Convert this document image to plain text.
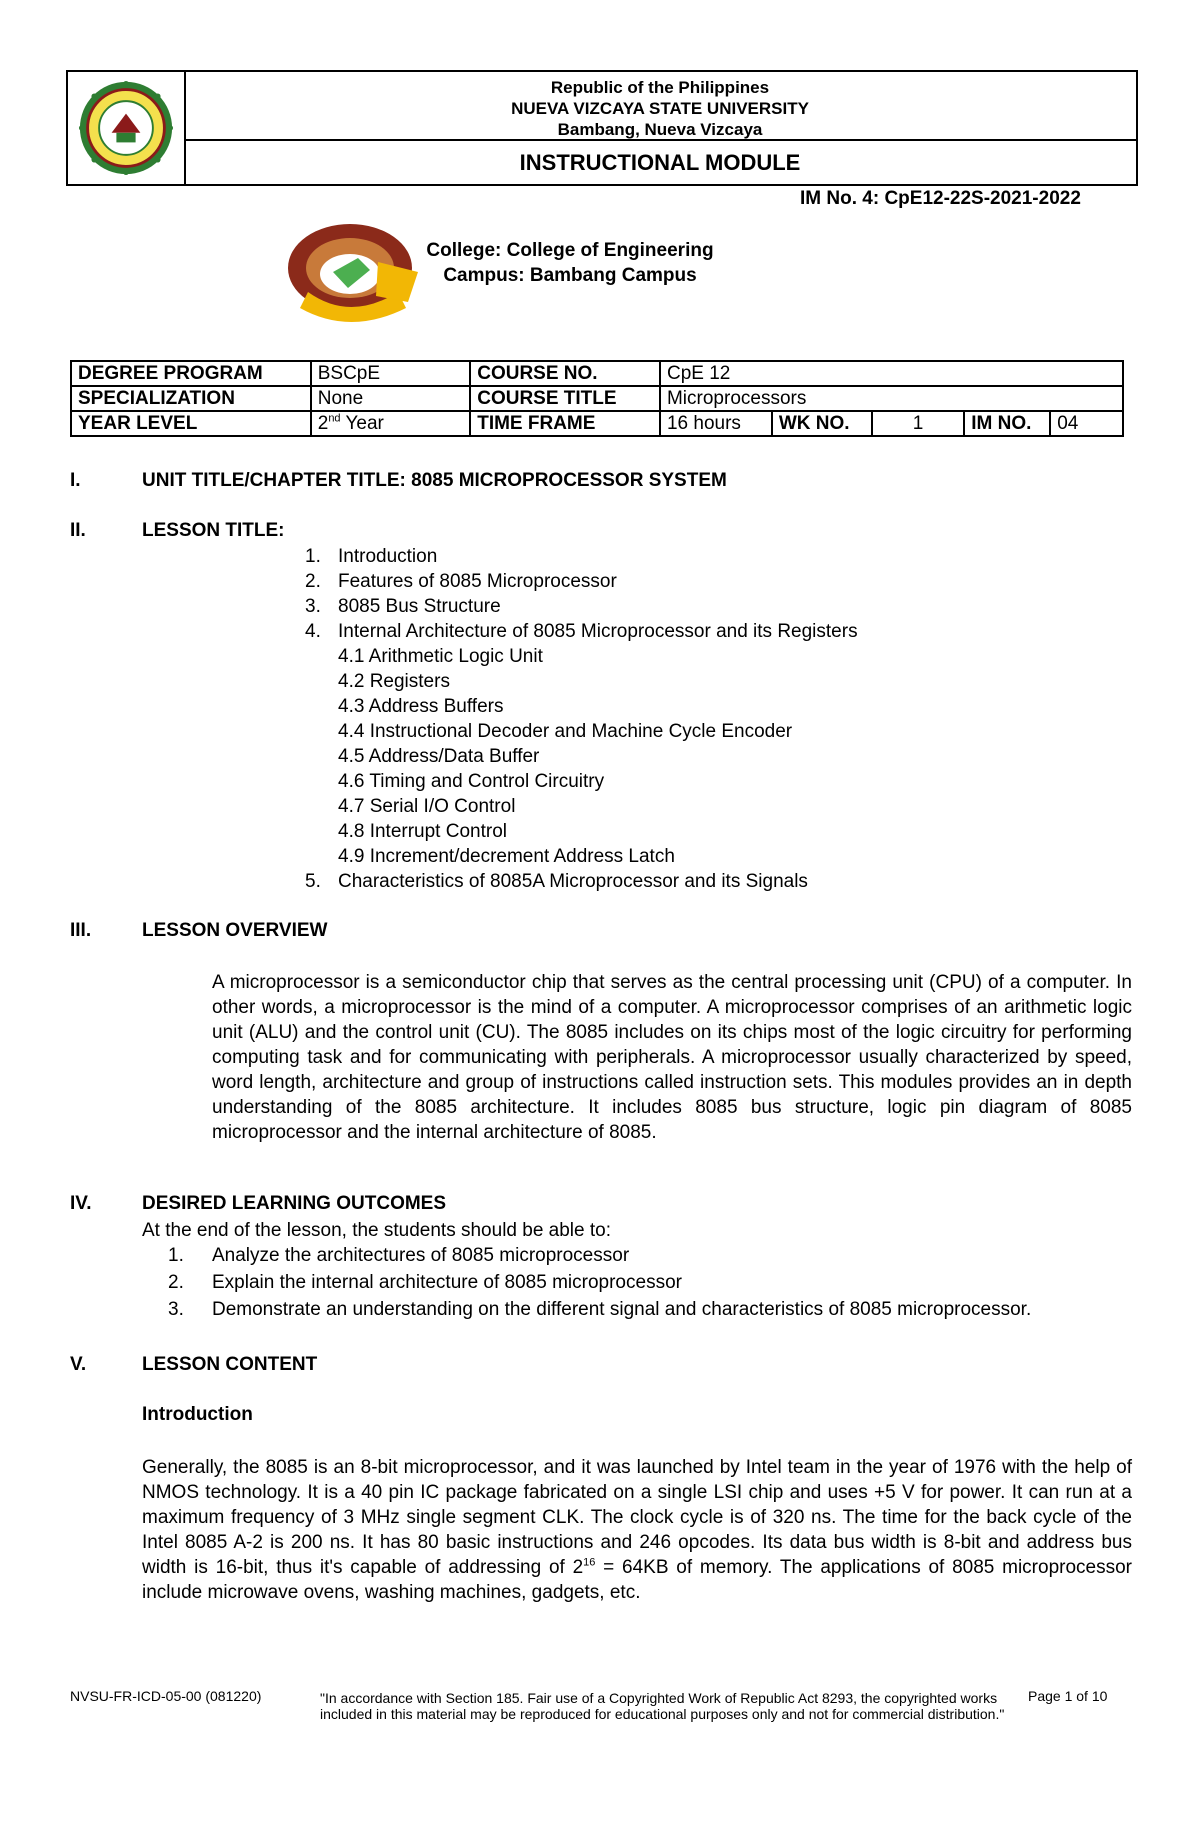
Republic of the Philippines
NUEVA VIZCAYA STATE UNIVERSITY
Bambang, Nueva Vizcaya
INSTRUCTIONAL MODULE
IM No. 4: CpE12-22S-2021-2022
College: College of Engineering
Campus: Bambang Campus
DEGREE PROGRAM	BSCpE	COURSE NO.	CpE 12				
SPECIALIZATION	None	COURSE TITLE	Microprocessors				
YEAR LEVEL	2nd Year	TIME FRAME	16 hours	WK NO.	1	IM NO.	04
I.	UNIT TITLE/CHAPTER TITLE: 8085 MICROPROCESSOR SYSTEM
II.	LESSON TITLE:
1. Introduction
2. Features of 8085 Microprocessor
3. 8085 Bus Structure
4. Internal Architecture of 8085 Microprocessor and its Registers
4.1 Arithmetic Logic Unit
4.2 Registers
4.3 Address Buffers
4.4 Instructional Decoder and Machine Cycle Encoder
4.5 Address/Data Buffer
4.6 Timing and Control Circuitry
4.7 Serial I/O Control
4.8 Interrupt Control
4.9 Increment/decrement Address Latch
5. Characteristics of 8085A Microprocessor and its Signals
III.	LESSON OVERVIEW
A microprocessor is a semiconductor chip that serves as the central processing unit (CPU) of a computer. In other words, a microprocessor is the mind of a computer. A microprocessor comprises of an arithmetic logic unit (ALU) and the control unit (CU). The 8085 includes on its chips most of the logic circuitry for performing computing task and for communicating with peripherals. A microprocessor usually characterized by speed, word length, architecture and group of instructions called instruction sets. This modules provides an in depth understanding of the 8085 architecture. It includes 8085 bus structure, logic pin diagram of 8085 microprocessor and the internal architecture of 8085.
IV.	DESIRED LEARNING OUTCOMES
At the end of the lesson, the students should be able to:
1. Analyze the architectures of 8085 microprocessor
2. Explain the internal architecture of 8085 microprocessor
3. Demonstrate an understanding on the different signal and characteristics of 8085 microprocessor.
V.	LESSON CONTENT
Introduction
Generally, the 8085 is an 8-bit microprocessor, and it was launched by Intel team in the year of 1976 with the help of NMOS technology. It is a 40 pin IC package fabricated on a single LSI chip and uses +5 V for power. It can run at a maximum frequency of 3 MHz single segment CLK. The clock cycle is of 320 ns. The time for the back cycle of the Intel 8085 A-2 is 200 ns. It has 80 basic instructions and 246 opcodes. Its data bus width is 8-bit and address bus width is 16-bit, thus it's capable of addressing of $2^{16} = 64KB$ of memory. The applications of 8085 microprocessor include microwave ovens, washing machines, gadgets, etc.
NVSU-FR-ICD-05-00 (081220)	"In accordance with Section 185. Fair use of a Copyrighted Work of Republic Act 8293, the copyrighted works
included in this material may be reproduced for educational purposes only and not for commercial distribution."
Page 1 of 10
